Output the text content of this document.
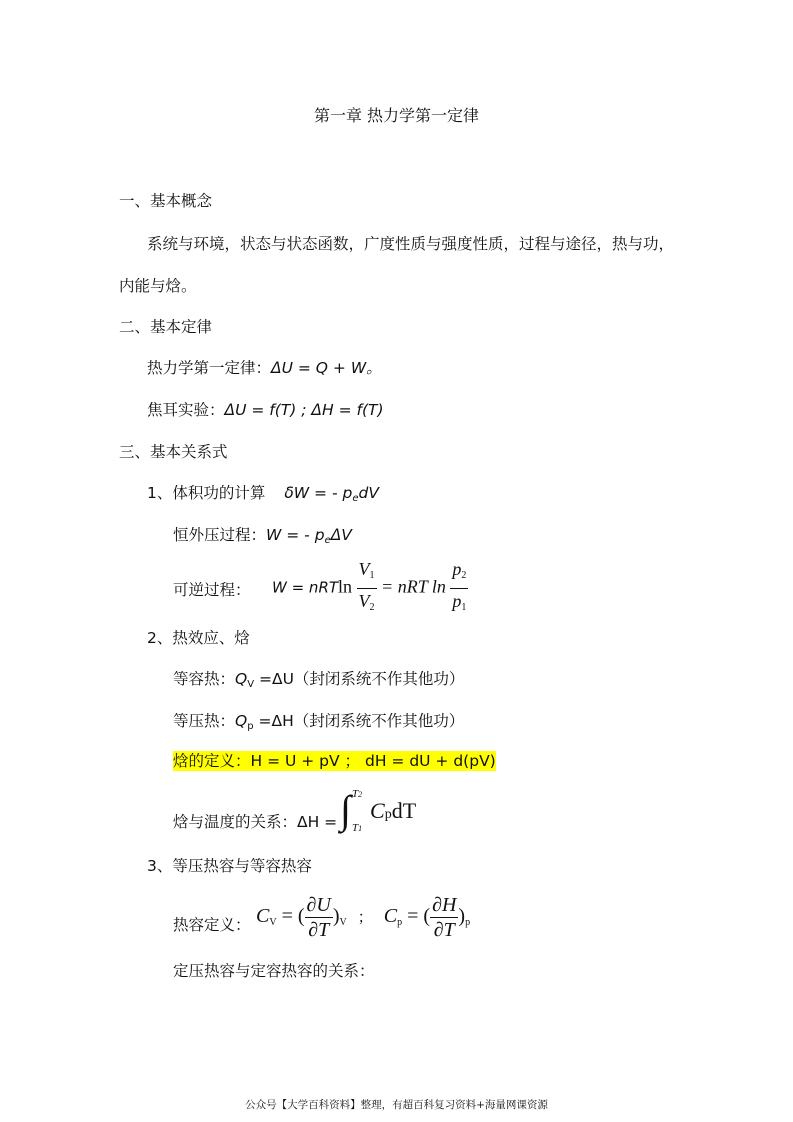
第一章 热力学第一定律
一、基本概念
系统与环境，状态与状态函数，广度性质与强度性质，过程与途径，热与功，
内能与焓。
二、基本定律
热力学第一定律：ΔU = Q + W。
焦耳实验：ΔU = f(T) ; ΔH = f(T)
三、基本关系式
1、体积功的计算 δW = - $p_edV$
恒外压过程：W = - $p_e\Delta V$
可逆过程： W = nRTln $\frac{V_1}{V_2}$ = nRT $\ln \frac{p_2}{p_1}$
2、热效应、焓
等容热：$Q_V =\Delta U$（封闭系统不作其他功）
等压热：$Q_p =\Delta H$（封闭系统不作其他功）
焓的定义：H = U + pV ； dH = dU + d(pV)
焓与温度的关系：ΔH = ∫ T2
T1
CpdT
3、等压热容与等容热容
热容定义： $C_V$ = ( $\frac{\partial U}{\partial T} )_V$ ； $C_p$ = ( $\frac{\partial H}{\partial T} )_p$
定压热容与定容热容的关系：
公众号【大学百科资料】整理，有超百科复习资料+海量网课资源
